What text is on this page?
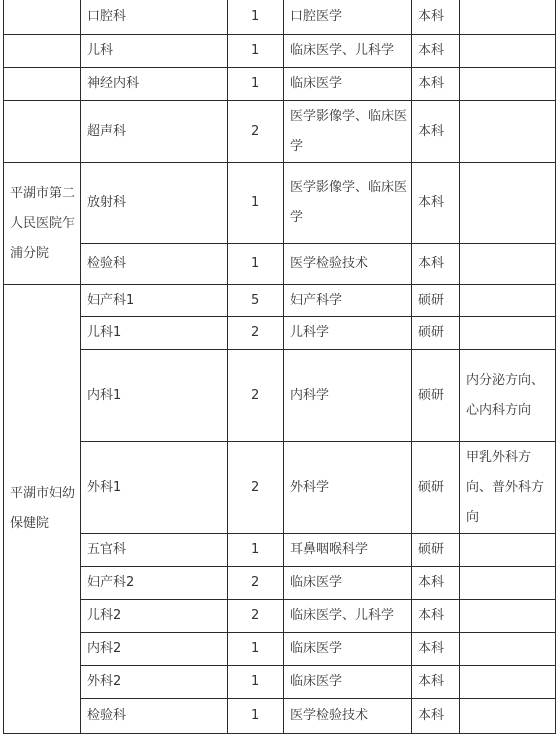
	口腔科	1	口腔医学	本科	
	儿科	1	临床医学、儿科学	本科	
	神经内科	1	临床医学	本科	
	超声科	2	医学影像学、临床医学	本科	
平湖市第二人民医院乍浦分院	放射科	1	医学影像学、临床医学	本科	
	检验科	1	医学检验技术	本科	
平湖市妇幼保健院	妇产科1	5	妇产科学	硕研	
	儿科1	2	儿科学	硕研	
	内科1	2	内科学	硕研	内分泌方向、心内科方向
	外科1	2	外科学	硕研	甲乳外科方向、普外科方向
	五官科	1	耳鼻咽喉科学	硕研	
	妇产科2	2	临床医学	本科	
	儿科2	2	临床医学、儿科学	本科	
	内科2	1	临床医学	本科	
	外科2	1	临床医学	本科	
	检验科	1	医学检验技术	本科	
